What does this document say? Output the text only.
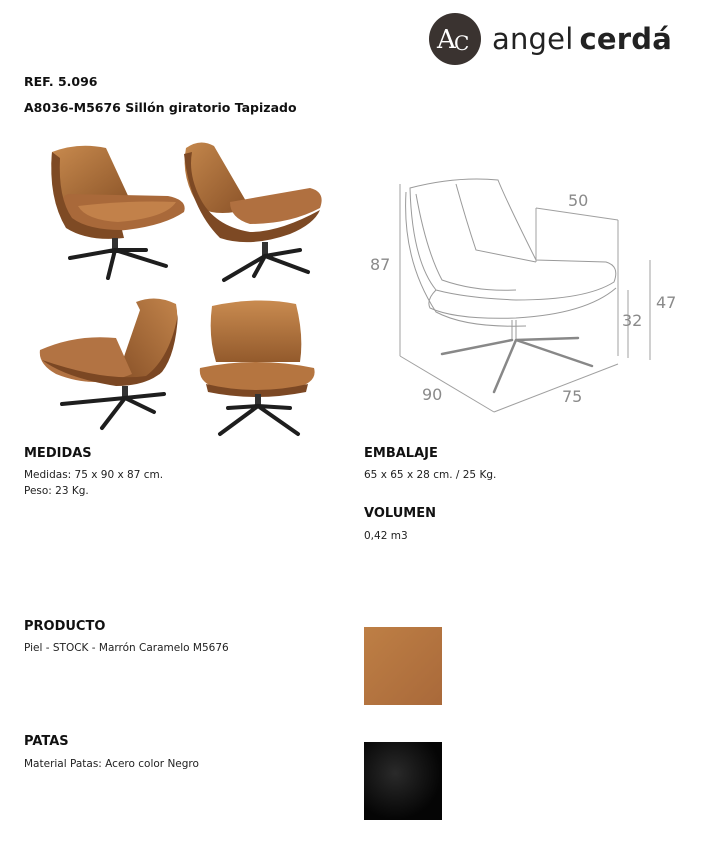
A
C angel cerdá
REF. 5.096
A8036-M5676 Sillón giratorio Tapizado
87
50
32
47
90	75
MEDIDAS
Medidas: 75 x 90 x 87 cm.
Peso: 23 Kg.
EMBALAJE
65 x 65 x 28 cm. / 25 Kg.
VOLUMEN
0,42 m3
PRODUCTO
Piel - STOCK - Marrón Caramelo M5676
PATAS
Material Patas: Acero color Negro
